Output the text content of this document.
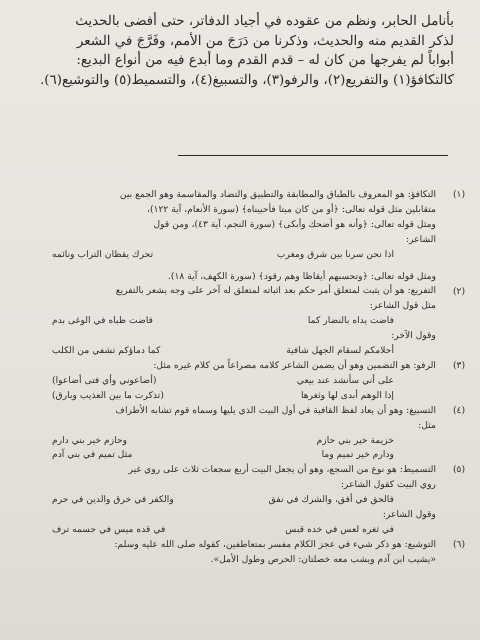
بأنامل الحابر، ونظم من عقوده في أجياد الدفاتر، حتى أفضى بالحديث

لذكر القديم منه والحديث، وذكرنا من دَرَجَ من الأمم، وفَرَّجَ في الشعر

أبواباً لم يفرجها من كان له – قدم القدم وما أبدع فيه من أنواع البديع:

كالتكافؤ(١) والتفريع(٢)، والرفو(٣)، والتسبيغ(٤)، والتسميط(٥) والتوشيع(٦).

(١)

التكافؤ: هو المعروف بالطباق والمطابقة والتطبيق والتضاد والمقاسمة وهو الجمع بين

متقابلين مثل قوله تعالى: ﴿أو من كان ميتا فأحييناه﴾ (سورة الأنعام، آية ١٢٢)،

ومثل قوله تعالى: ﴿وأنه هو أضحك وأبكى﴾ (سورة النجم، آية ٤٣)، ومن قول

الشاعر:

اذا نحن سرنا بين شرق ومغرب
تحرك يقظان التراب ونائمه
(٢)

ومثل قوله تعالى: ﴿وتحسبهم أيقاظا وهم رقود﴾ (سورة الكهف، آية ١٨).

التفريع: هو أن يثبت لمتعلق أمر حكم بعد اثباته لمتعلق له آخر على وجه يشعر بالتفريع

مثل قول الشاعر:

فاضت يداه بالنضار كما
فاضت ظباه في الوغى بدم

وقول الآخر:

أحلامكم لسقام الجهل شافية
كما دماؤكم تشفي من الكلب
(٣)

الرفو: هو التضمين وهو أن يضمن الشاعر كلامه مصراعاً من كلام غيره مثل:

على أني سأنشد عند بيعي
(أضاعوني وأي فتى أضاعوا)
إذا الوهم أبدى لها وثغرها
(تذكرت ما بين العذيب وبارق)
(٤)

التسبيغ: وهو أن يعاد لفظ القافية في أول البيت الذي يليها وسماه قوم تشابه الأطراف

مثل:

خزيمة خير بني حازم
وحازم خير بني دارم
ودارم خير تميم وما
مثل تميم في بني آدم
(٥)

التسميط: هو نوع من السجع، وهو أن يجعل البيت أربع سجعات ثلاث على روي غير

روي البيت كقول الشاعر:

فالحق في أفق، والشرك في نفق
والكفر في خرق والدين في حرم

وقول الشاعر:

في ثغره لعس في خده قبس
في قده ميس في جسمه ترف
(٦)

التوشيع: هو ذكر شيء في عجز الكلام مفسر بمتعاطفين، كقوله صلى الله عليه وسلم:

«يشيب ابن آدم ويشب معه خصلتان: الحرص وطول الأمل».
